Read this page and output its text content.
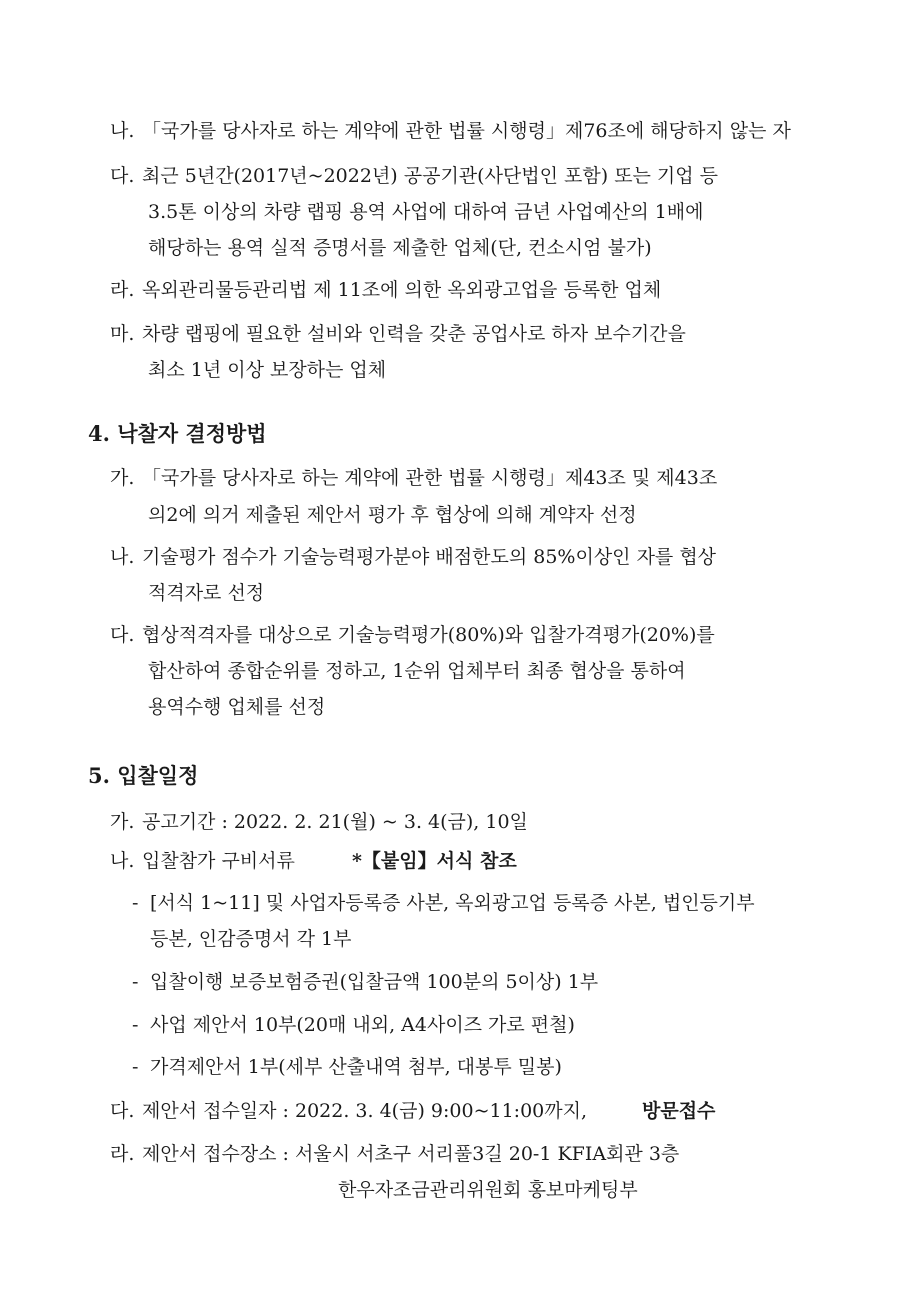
나. 「국가를 당사자로 하는 계약에 관한 법률 시행령」제76조에 해당하지 않는 자
다. 최근 5년간(2017년~2022년) 공공기관(사단법인 포함) 또는 기업 등
3.5톤 이상의 차량 랩핑 용역 사업에 대하여 금년 사업예산의 1배에
해당하는 용역 실적 증명서를 제출한 업체(단, 컨소시엄 불가)
라. 옥외관리물등관리법 제 11조에 의한 옥외광고업을 등록한 업체
마. 차량 랩핑에 필요한 설비와 인력을 갖춘 공업사로 하자 보수기간을
최소 1년 이상 보장하는 업체
4. 낙찰자 결정방법
가. 「국가를 당사자로 하는 계약에 관한 법률 시행령」제43조 및 제43조
의2에 의거 제출된 제안서 평가 후 협상에 의해 계약자 선정
나. 기술평가 점수가 기술능력평가분야 배점한도의 85%이상인 자를 협상
적격자로 선정
다. 협상적격자를 대상으로 기술능력평가(80%)와 입찰가격평가(20%)를
합산하여 종합순위를 정하고, 1순위 업체부터 최종 협상을 통하여
용역수행 업체를 선정
5. 입찰일정
가. 공고기간 : 2022. 2. 21(월) ~ 3. 4(금), 10일
나. 입찰참가 구비서류	*【붙임】서식 참조
- [서식 1~11] 및 사업자등록증 사본, 옥외광고업 등록증 사본, 법인등기부
등본, 인감증명서 각 1부
- 입찰이행 보증보험증권(입찰금액 100분의 5이상) 1부
- 사업 제안서 10부(20매 내외, A4사이즈 가로 편철)
- 가격제안서 1부(세부 산출내역 첨부, 대봉투 밀봉)
다. 제안서 접수일자 : 2022. 3. 4(금) 9:00~11:00까지,	방문접수
라. 제안서 접수장소 : 서울시 서초구 서리풀3길 20-1 KFIA회관 3층
한우자조금관리위원회 홍보마케팅부
